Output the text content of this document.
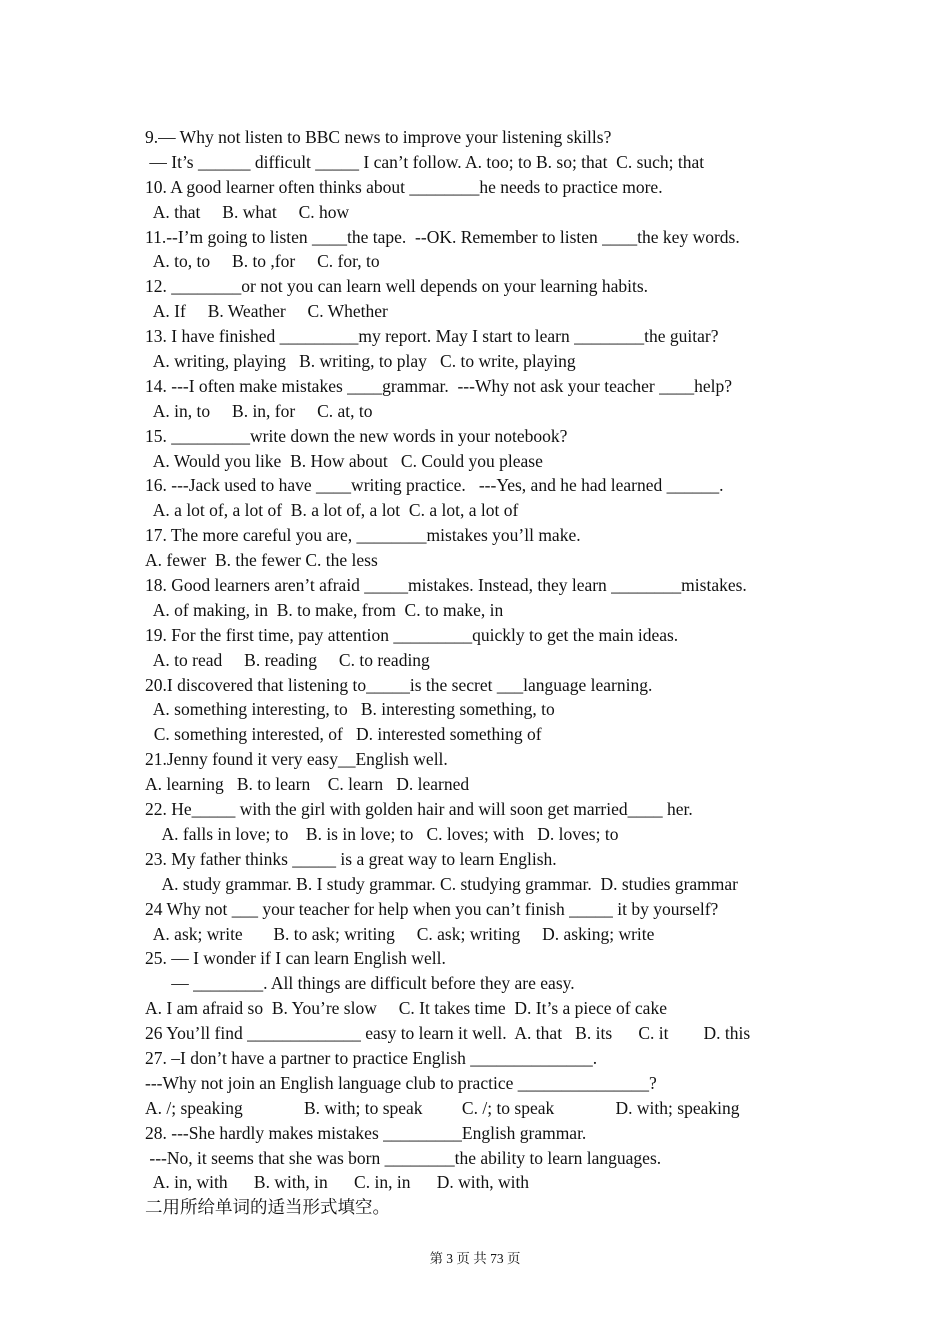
9.— Why not listen to BBC news to improve your listening skills?
— It’s ______ difficult _____ I can’t follow. A. too; to B. so; that  C. such; that
10. A good learner often thinks about ________he needs to practice more.
A. that     B. what     C. how
11.--I’m going to listen ____the tape.  --OK. Remember to listen ____the key words.
A. to, to     B. to ,for     C. for, to
12. ________or not you can learn well depends on your learning habits.
A. If     B. Weather     C. Whether
13. I have finished _________my report. May I start to learn ________the guitar?
A. writing, playing   B. writing, to play   C. to write, playing
14. ---I often make mistakes ____grammar.  ---Why not ask your teacher ____help?
A. in, to     B. in, for     C. at, to
15. _________write down the new words in your notebook?
A. Would you like  B. How about   C. Could you please
16. ---Jack used to have ____writing practice.   ---Yes, and he had learned ______.
A. a lot of, a lot of  B. a lot of, a lot  C. a lot, a lot of
17. The more careful you are, ________mistakes you’ll make.
A. fewer  B. the fewer C. the less
18. Good learners aren’t afraid _____mistakes. Instead, they learn ________mistakes.
A. of making, in  B. to make, from  C. to make, in
19. For the first time, pay attention _________quickly to get the main ideas.
A. to read     B. reading     C. to reading
20.I discovered that listening to_____is the secret ___language learning.
A. something interesting, to   B. interesting something, to
C. something interested, of   D. interested something of
21.Jenny found it very easy__English well.
A. learning   B. to learn    C. learn   D. learned
22. He_____ with the girl with golden hair and will soon get married____ her.
A. falls in love; to    B. is in love; to   C. loves; with   D. loves; to
23. My father thinks _____ is a great way to learn English.
A. study grammar. B. I study grammar. C. studying grammar.  D. studies grammar
24 Why not ___ your teacher for help when you can’t finish _____ it by yourself?
A. ask; write       B. to ask; writing     C. ask; writing     D. asking; write
25. — I wonder if I can learn English well.
— ________. All things are difficult before they are easy.
A. I am afraid so  B. You’re slow     C. It takes time  D. It’s a piece of cake
26 You’ll find _____________ easy to learn it well.  A. that   B. its      C. it        D. this
27. –I don’t have a partner to practice English ______________.
---Why not join an English language club to practice _______________?
A. /; speaking              B. with; to speak         C. /; to speak              D. with; speaking
28. ---She hardly makes mistakes _________English grammar.
---No, it seems that she was born ________the ability to learn languages.
A. in, with      B. with, in      C. in, in      D. with, with
二用所给单词的适当形式填空。
第 3 页 共 73 页
